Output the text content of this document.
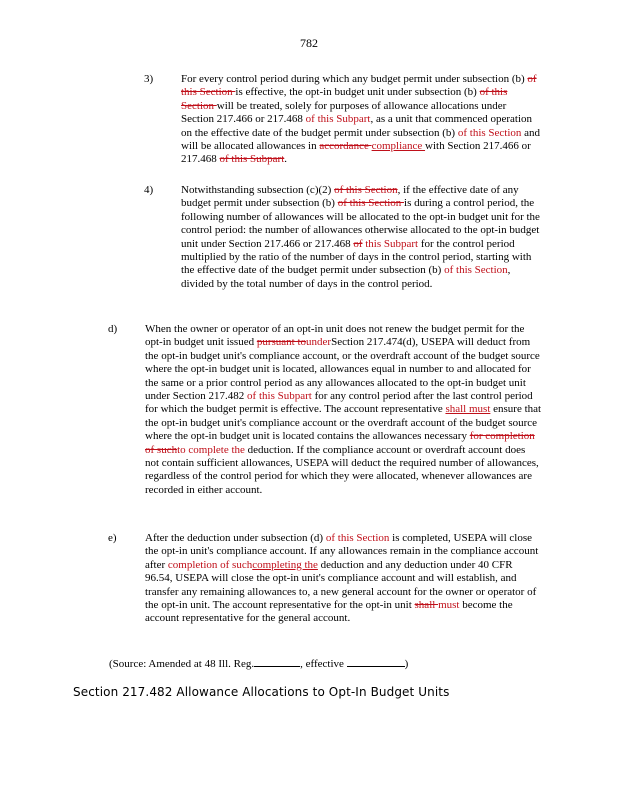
782
3)	For every control period during which any budget permit under subsection (b) of this Section is effective, the opt-in budget unit under subsection (b) of this Section will be treated, solely for purposes of allowance allocations under Section 217.466 or 217.468 of this Subpart, as a unit that commenced operation on the effective date of the budget permit under subsection (b) of this Section and will be allocated allowances in accordance compliance with Section 217.466 or 217.468 of this Subpart.
4)	Notwithstanding subsection (c)(2) of this Section, if the effective date of any budget permit under subsection (b) of this Section is during a control period, the following number of allowances will be allocated to the opt-in budget unit for the control period: the number of allowances otherwise allocated to the opt-in budget unit under Section 217.466 or 217.468 of this Subpart for the control period multiplied by the ratio of the number of days in the control period, starting with the effective date of the budget permit under subsection (b) of this Section, divided by the total number of days in the control period.
d)	When the owner or operator of an opt-in unit does not renew the budget permit for the opt-in budget unit issued pursuant tounderSection 217.474(d), USEPA will deduct from the opt-in budget unit's compliance account, or the overdraft account of the budget source where the opt-in budget unit is located, allowances equal in number to and allocated for the same or a prior control period as any allowances allocated to the opt-in budget unit under Section 217.482 of this Subpart for any control period after the last control period for which the budget permit is effective. The account representative shall must ensure that the opt-in budget unit's compliance account or the overdraft account of the budget source where the opt-in budget unit is located contains the allowances necessary for completion of suchto complete the deduction. If the compliance account or overdraft account does not contain sufficient allowances, USEPA will deduct the required number of allowances, regardless of the control period for which they were allocated, whenever allowances are recorded in either account.
e)	After the deduction under subsection (d) of this Section is completed, USEPA will close the opt-in unit's compliance account. If any allowances remain in the compliance account after completion of suchcompleting the deduction and any deduction under 40 CFR 96.54, USEPA will close the opt-in unit's compliance account and will establish, and transfer any remaining allowances to, a new general account for the owner or operator of the opt-in unit. The account representative for the opt-in unit shall must become the account representative for the general account.
(Source: Amended at 48 Ill. Reg.	, effective	)
Section 217.482 Allowance Allocations to Opt-In Budget Units
